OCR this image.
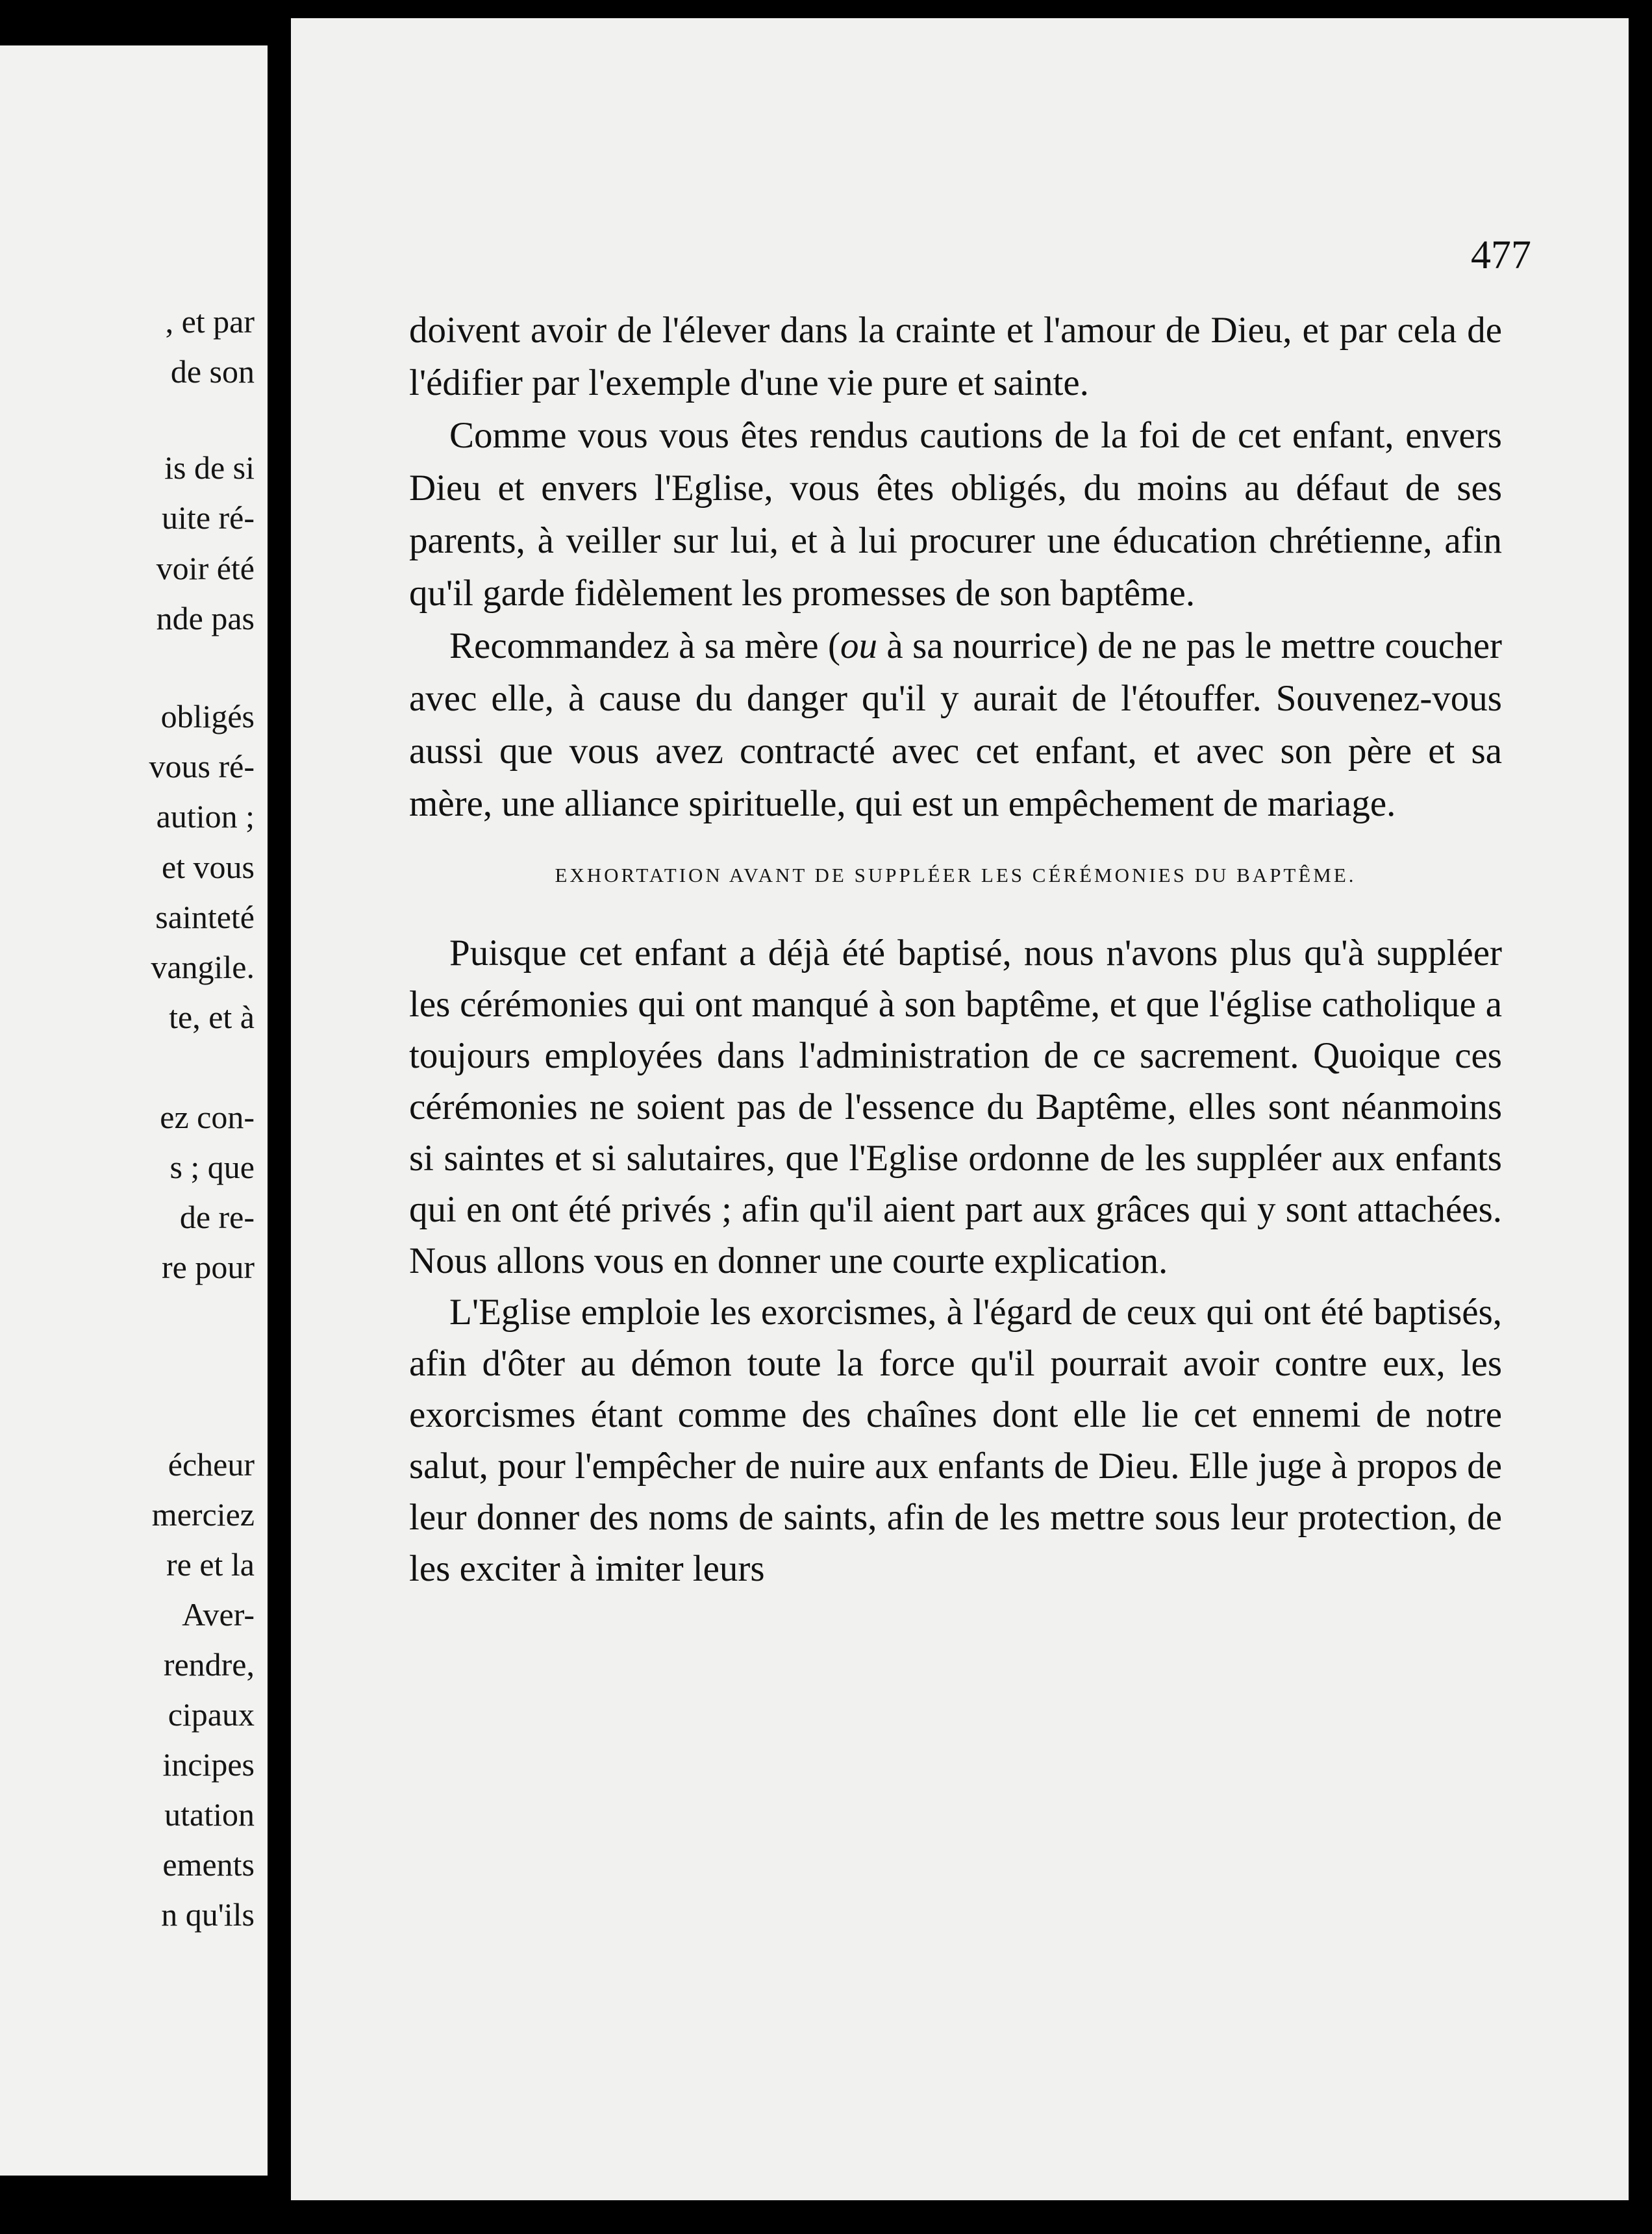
, et par
de son
is de si
uite ré-
voir été
nde pas
obligés
vous ré-
aution ;
et vous
sainteté
vangile.
te, et à
ez con-
s ; que
de re-
re pour
écheur
merciez
re et la
Aver-
rendre,
cipaux
incipes
utation
ements
n qu'ils
477

doivent avoir de l'élever dans la crainte et l'amour de Dieu, et par cela de l'édifier par l'exemple d'une vie pure et sainte.

Comme vous vous êtes rendus cautions de la foi de cet enfant, envers Dieu et envers l'Eglise, vous êtes obligés, du moins au défaut de ses parents, à veiller sur lui, et à lui procurer une éducation chrétienne, afin qu'il garde fidèlement les promesses de son baptême.

Recommandez à sa mère (ou à sa nourrice) de ne pas le mettre coucher avec elle, à cause du danger qu'il y aurait de l'étouffer. Souvenez-vous aussi que vous avez contracté avec cet enfant, et avec son père et sa mère, une alliance spirituelle, qui est un empêchement de mariage.

EXHORTATION AVANT DE SUPPLÉER LES CÉRÉMONIES DU BAPTÊME.

Puisque cet enfant a déjà été baptisé, nous n'avons plus qu'à suppléer les cérémonies qui ont manqué à son baptême, et que l'église catholique a toujours employées dans l'administration de ce sacrement. Quoique ces cérémonies ne soient pas de l'essence du Baptême, elles sont néanmoins si saintes et si salutaires, que l'Eglise ordonne de les suppléer aux enfants qui en ont été privés ; afin qu'il aient part aux grâces qui y sont attachées. Nous allons vous en donner une courte explication.

L'Eglise emploie les exorcismes, à l'égard de ceux qui ont été baptisés, afin d'ôter au démon toute la force qu'il pourrait avoir contre eux, les exorcismes étant comme des chaînes dont elle lie cet ennemi de notre salut, pour l'empêcher de nuire aux enfants de Dieu. Elle juge à propos de leur donner des noms de saints, afin de les mettre sous leur protection, de les exciter à imiter leurs
